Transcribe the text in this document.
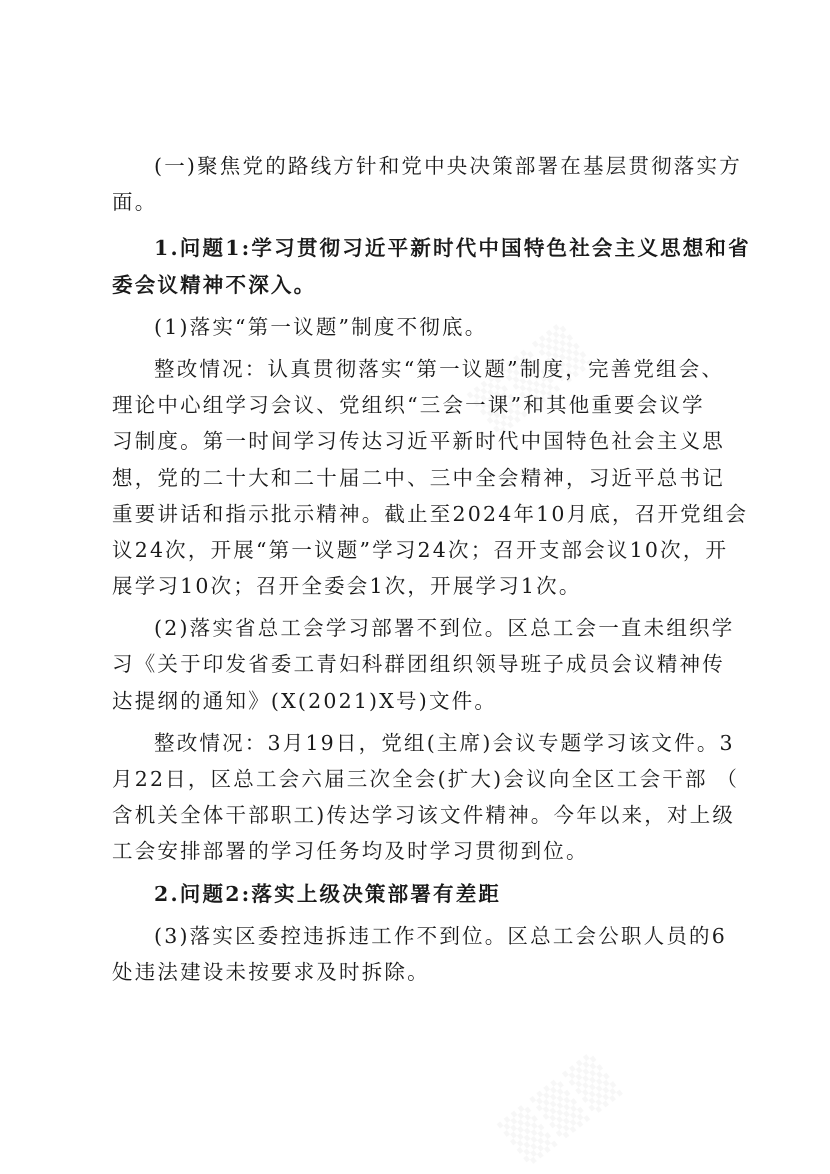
▒▒▒
▒▒▒
(一)聚焦党的路线方针和党中央决策部署在基层贯彻落实方
面。
1.问题1:学习贯彻习近平新时代中国特色社会主义思想和省
委会议精神不深入。
(1)落实“第一议题”制度不彻底。
整改情况：认真贯彻落实“第一议题”制度，完善党组会、
理论中心组学习会议、党组织“三会一课”和其他重要会议学
习制度。第一时间学习传达习近平新时代中国特色社会主义思
想，党的二十大和二十届二中、三中全会精神，习近平总书记
重要讲话和指示批示精神。截止至2024年10月底，召开党组会
议24次，开展“第一议题”学习24次；召开支部会议10次，开
展学习10次；召开全委会1次，开展学习1次。
(2)落实省总工会学习部署不到位。区总工会一直未组织学
习《关于印发省委工青妇科群团组织领导班子成员会议精神传
达提纲的通知》(X(2021)X号)文件。
整改情况：3月19日，党组(主席)会议专题学习该文件。3
月22日，区总工会六届三次全会(扩大)会议向全区工会干部 （
含机关全体干部职工)传达学习该文件精神。今年以来，对上级
工会安排部署的学习任务均及时学习贯彻到位。
2.问题2:落实上级决策部署有差距
(3)落实区委控违拆违工作不到位。区总工会公职人员的6
处违法建设未按要求及时拆除。
